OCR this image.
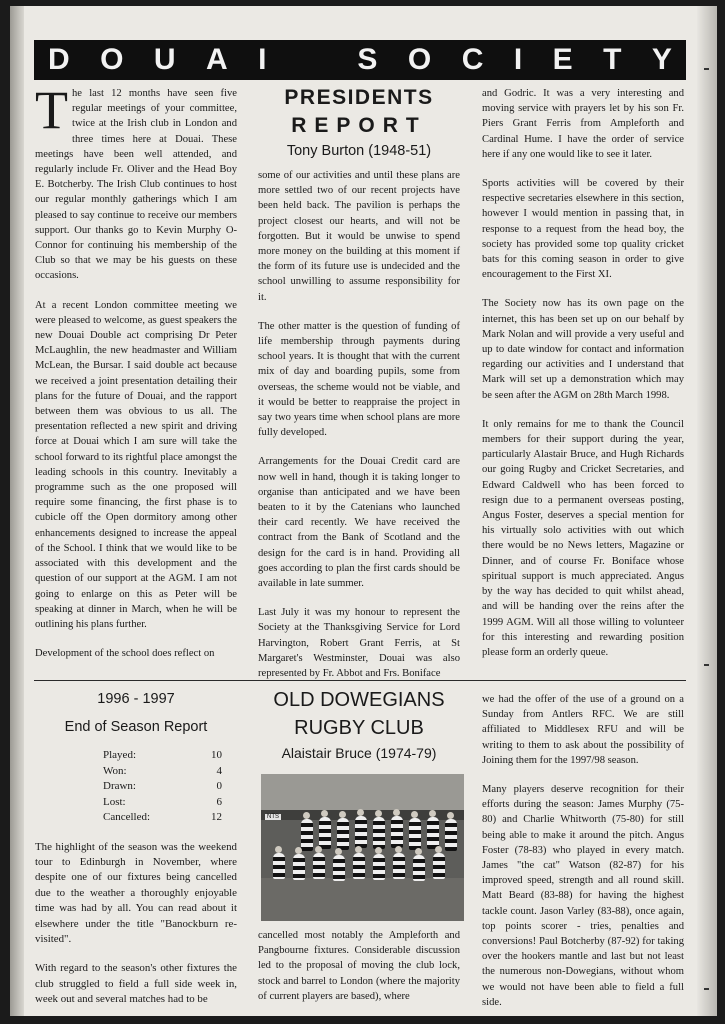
D O U A I	S O C I E T Y

The last 12 months have seen five regular meetings of your committee, twice at the Irish club in London and three times here at Douai. These meetings have been well attended, and regularly include Fr. Oliver and the Head Boy E. Botcherby. The Irish Club continues to host our regular monthly gatherings which I am pleased to say continue to receive our members support. Our thanks go to Kevin Murphy O-Connor for continuing his membership of the Club so that we may be his guests on these occasions.

At a recent London committee meeting we were pleased to welcome, as guest speakers the new Douai Double act comprising Dr Peter McLaughlin, the new headmaster and William McLean, the Bursar. I said double act because we received a joint presentation detailing their plans for the future of Douai, and the rapport between them was obvious to us all. The presentation reflected a new spirit and driving force at Douai which I am sure will take the school forward to its rightful place amongst the leading schools in this country. Inevitably a programme such as the one proposed will require some financing, the first phase is to cubicle off the Open dormitory among other enhancements designed to increase the appeal of the School. I think that we would like to be associated with this development and the question of our support at the AGM. I am not going to enlarge on this as Peter will be speaking at dinner in March, when he will be outlining his plans further.

Development of the school does reflect on

PRESIDENTS
REPORT
Tony Burton (1948-51)

some of our activities and until these plans are more settled two of our recent projects have been held back. The pavilion is perhaps the project closest our hearts, and will not be forgotten. But it would be unwise to spend more money on the building at this moment if the form of its future use is undecided and the school unwilling to assume responsibility for it.

The other matter is the question of funding of life membership through payments during school years. It is thought that with the current mix of day and boarding pupils, some from overseas, the scheme would not be viable, and it would be better to reappraise the project in say two years time when school plans are more fully developed.

Arrangements for the Douai Credit card are now well in hand, though it is taking longer to organise than anticipated and we have been beaten to it by the Catenians who launched their card recently. We have received the contract from the Bank of Scotland and the design for the card is in hand. Providing all goes according to plan the first cards should be available in late summer.

Last July it was my honour to represent the Society at the Thanksgiving Service for Lord Harvington, Robert Grant Ferris, at St Margaret's Westminster, Douai was also represented by Fr. Abbot and Frs. Boniface

and Godric. It was a very interesting and moving service with prayers let by his son Fr. Piers Grant Ferris from Ampleforth and Cardinal Hume. I have the order of service here if any one would like to see it later.

Sports activities will be covered by their respective secretaries elsewhere in this section, however I would mention in passing that, in response to a request from the head boy, the society has provided some top quality cricket bats for this coming season in order to give encouragement to the First XI.

The Society now has its own page on the internet, this has been set up on our behalf by Mark Nolan and will provide a very useful and up to date window for contact and information regarding our activities and I understand that Mark will set up a demonstration which may be seen after the AGM on 28th March 1998.

It only remains for me to thank the Council members for their support during the year, particularly Alastair Bruce, and Hugh Richards our going Rugby and Cricket Secretaries, and Edward Caldwell who has been forced to resign due to a permanent overseas posting, Angus Foster, deserves a special mention for his virtually solo activities with out which there would be no News letters, Magazine or Dinner, and of course Fr. Boniface whose spiritual support is much appreciated. Angus by the way has decided to quit whilst ahead, and will be handing over the reins after the 1999 AGM. Will all those willing to volunteer for this interesting and rewarding position please form an orderly queue.

1996 - 1997
End of Season Report
Played:	10
Won:	4
Drawn:	0
Lost:	6
Cancelled:	12

The highlight of the season was the weekend tour to Edinburgh in November, where despite one of our fixtures being cancelled due to the weather a thoroughly enjoyable time was had by all. You can read about it elsewhere under the title "Banockburn re-visited".

With regard to the season's other fixtures the club struggled to field a full side week in, week out and several matches had to be

OLD DOWEGIANS
RUGBY CLUB
Alaistair Bruce (1974-79)
NTS

cancelled most notably the Ampleforth and Pangbourne fixtures. Considerable discussion led to the proposal of moving the club lock, stock and barrel to London (where the majority of current players are based), where

we had the offer of the use of a ground on a Sunday from Antlers RFC. We are still affiliated to Middlesex RFU and will be writing to them to ask about the possibility of Joining them for the 1997/98 season.

Many players deserve recognition for their efforts during the season: James Murphy (75-80) and Charlie Whitworth (75-80) for still being able to make it around the pitch. Angus Foster (78-83) who played in every match. James "the cat" Watson (82-87) for his improved speed, strength and all round skill. Matt Beard (83-88) for having the highest tackle count. Jason Varley (83-88), once again, top points scorer - tries, penalties and conversions! Paul Botcherby (87-92) for taking over the hookers mantle and last but not least the numerous non-Dowegians, without whom we would not have been able to field a full side.
